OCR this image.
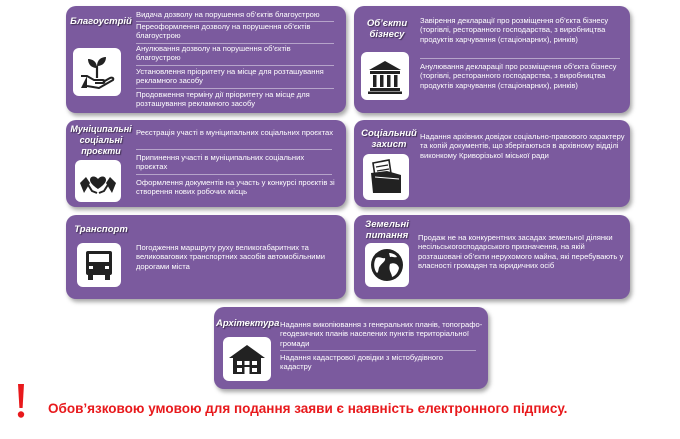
Благоустрій
Видача дозволу на порушення об’єктів благоустрою
Переоформлення дозволу на порушення об’єктів благоустрою
Анулювання дозволу на порушення об’єктів благоустрою
Установлення пріоритету на місце для розташування рекламного засобу
Продовження терміну дії пріоритету на місце для розташування рекламного засобу
Об’єкти
бізнесу
Завірення декларації про розміщення об’єкта бізнесу (торгівлі, ресторанного господарства, з виробництва продуктів харчування (стаціонарних), ринків)
Анулювання декларації про розміщення об’єкта бізнесу (торгівлі, ресторанного господарства, з виробництва продуктів харчування (стаціонарних), ринків)
Муніципальні
соціальні
проєкти
Реєстрація участі в муніципальних соціальних проєктах
Припинення участі в муніципальних соціальних проєктах
Оформлення документів на участь у конкурсі проєктів зі створення нових робочих місць
Соціальний
захист
Надання архівних довідок соціально-правового характеру та копій документів, що зберігаються в архівному відділі виконкому Криворізької міської ради
Транспорт
Погодження маршруту руху великогабаритних та великовагових транспортних засобів автомобільними дорогами міста
Земельні
питання	Продаж не на конкурентних засадах земельної ділянки несільськогосподарського призначення, на якій розташовані об’єкти нерухомого майна, які перебувають у власності громадян та юридичних осіб
Архітектура Надання викопіювання з генеральних планів, топографо-геодезичних планів населених пунктів територіальної громади
Надання кадастрової довідки з містобудівного кадастру
Обов’язковою умовою для подання заяви є наявність електронного підпису.
